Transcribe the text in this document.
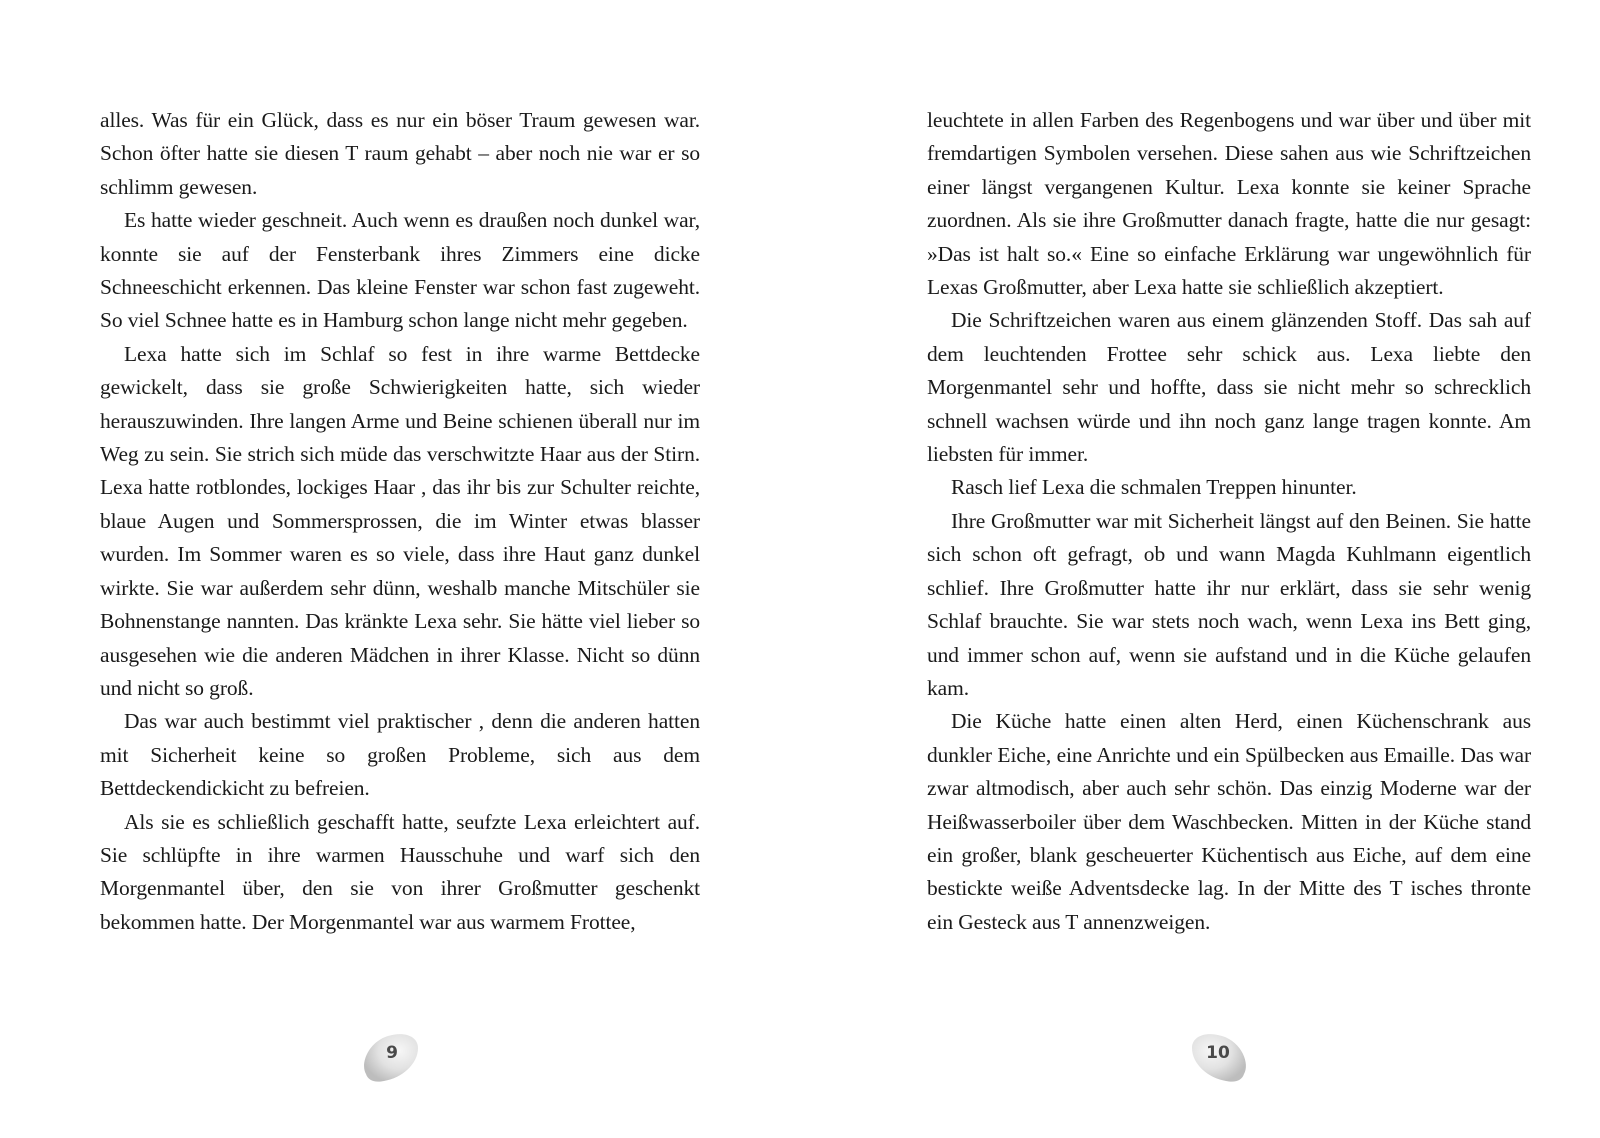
alles. Was für ein Glück, dass es nur ein böser Traum gewesen war. Schon öfter hatte sie diesen T raum gehabt – aber noch nie war er so schlimm gewesen.

Es hatte wieder geschneit. Auch wenn es draußen noch dunkel war, konnte sie auf der Fensterbank ihres Zimmers eine dicke Schneeschicht erkennen. Das kleine Fenster war schon fast zugeweht. So viel Schnee hatte es in Hamburg schon lange nicht mehr gegeben.

Lexa hatte sich im Schlaf so fest in ihre warme Bettdecke gewickelt, dass sie große Schwierigkeiten hatte, sich wieder herauszuwinden. Ihre langen Arme und Beine schienen überall nur im Weg zu sein. Sie strich sich müde das verschwitzte Haar aus der Stirn. Lexa hatte rotblondes, lockiges Haar , das ihr bis zur Schulter reichte, blaue Augen und Sommersprossen, die im Winter etwas blasser wurden. Im Sommer waren es so viele, dass ihre Haut ganz dunkel wirkte. Sie war außerdem sehr dünn, weshalb manche Mitschüler sie Bohnenstange nannten. Das kränkte Lexa sehr. Sie hätte viel lieber so ausgesehen wie die anderen Mädchen in ihrer Klasse. Nicht so dünn und nicht so groß.

Das war auch bestimmt viel praktischer , denn die anderen hatten mit Sicherheit keine so großen Probleme, sich aus dem Bettdeckendickicht zu befreien.

Als sie es schließlich geschafft hatte, seufzte Lexa erleichtert auf. Sie schlüpfte in ihre warmen Hausschuhe und warf sich den Morgenmantel über, den sie von ihrer Großmutter geschenkt bekommen hatte. Der Morgenmantel war aus warmem Frottee,

9

leuchtete in allen Farben des Regenbogens und war über und über mit fremdartigen Symbolen versehen. Diese sahen aus wie Schriftzeichen einer längst vergangenen Kultur. Lexa konnte sie keiner Sprache zuordnen. Als sie ihre Großmutter danach fragte, hatte die nur gesagt: »Das ist halt so.« Eine so einfache Erklärung war ungewöhnlich für Lexas Großmutter, aber Lexa hatte sie schließlich akzeptiert.

Die Schriftzeichen waren aus einem glänzenden Stoff. Das sah auf dem leuchtenden Frottee sehr schick aus. Lexa liebte den Morgenmantel sehr und hoffte, dass sie nicht mehr so schrecklich schnell wachsen würde und ihn noch ganz lange tragen konnte. Am liebsten für immer.

Rasch lief Lexa die schmalen Treppen hinunter.

Ihre Großmutter war mit Sicherheit längst auf den Beinen. Sie hatte sich schon oft gefragt, ob und wann Magda Kuhlmann eigentlich schlief. Ihre Großmutter hatte ihr nur erklärt, dass sie sehr wenig Schlaf brauchte. Sie war stets noch wach, wenn Lexa ins Bett ging, und immer schon auf, wenn sie aufstand und in die Küche gelaufen kam.

Die Küche hatte einen alten Herd, einen Küchenschrank aus dunkler Eiche, eine Anrichte und ein Spülbecken aus Emaille. Das war zwar altmodisch, aber auch sehr schön. Das einzig Moderne war der Heißwasserboiler über dem Waschbecken. Mitten in der Küche stand ein großer, blank gescheuerter Küchentisch aus Eiche, auf dem eine bestickte weiße Adventsdecke lag. In der Mitte des T isches thronte ein Gesteck aus T annenzweigen.

10
